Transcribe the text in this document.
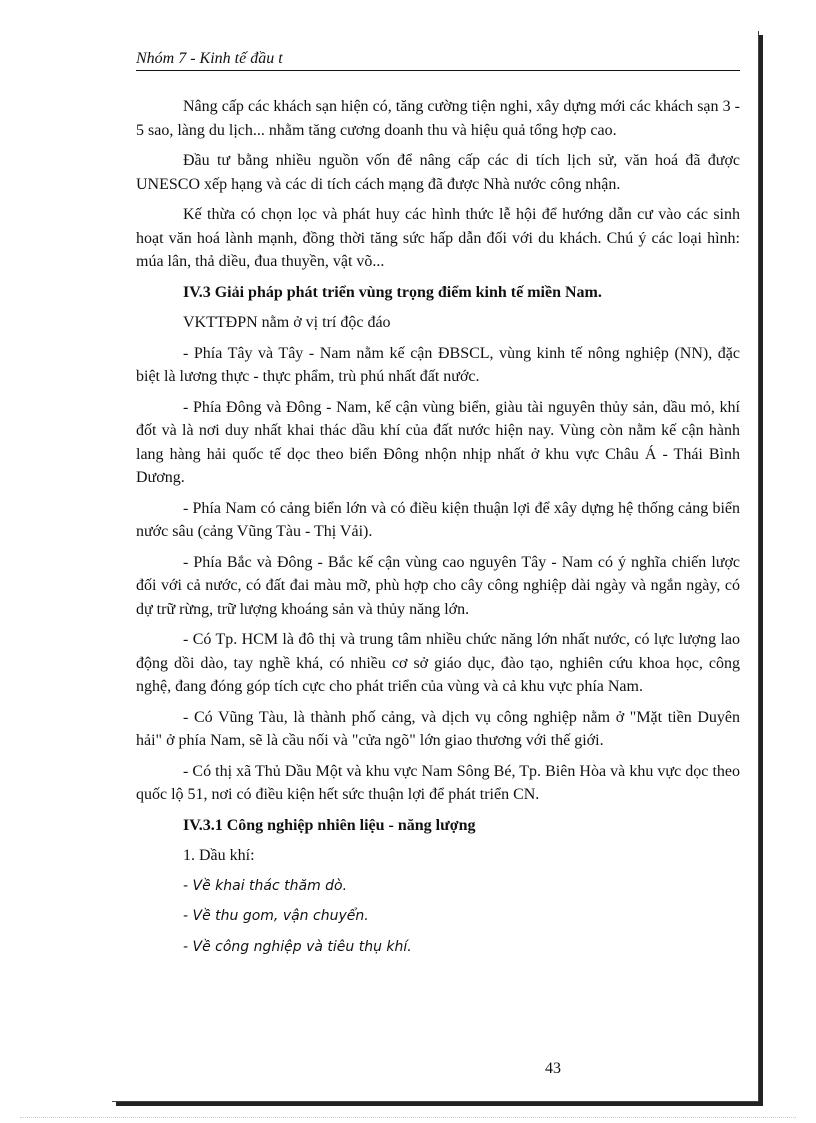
Nhóm 7 - Kinh tế đầu t

Nâng cấp các khách sạn hiện có, tăng cường tiện nghi, xây dựng mới các khách sạn 3 - 5 sao, làng du lịch... nhằm tăng cương doanh thu và hiệu quả tổng hợp cao.

Đầu tư bằng nhiều nguồn vốn để nâng cấp các di tích lịch sử, văn hoá đã được UNESCO xếp hạng và các di tích cách mạng đã được Nhà nước công nhận.

Kế thừa có chọn lọc và phát huy các hình thức lễ hội để hướng dẫn cư vào các sinh hoạt văn hoá lành mạnh, đồng thời tăng sức hấp dẫn đối với du khách. Chú ý các loại hình: múa lân, thả diều, đua thuyền, vật võ...

IV.3 Giải pháp phát triển vùng trọng điểm kinh tế miền Nam.

VKTTĐPN nằm ở vị trí độc đáo

- Phía Tây và Tây - Nam nằm kế cận ĐBSCL, vùng kinh tế nông nghiệp (NN), đặc biệt là lương thực - thực phẩm, trù phú nhất đất nước.

- Phía Đông và Đông - Nam, kế cận vùng biển, giàu tài nguyên thủy sản, dầu mỏ, khí đốt và là nơi duy nhất khai thác dầu khí của đất nước hiện nay. Vùng còn nằm kế cận hành lang hàng hải quốc tế dọc theo biển Đông nhộn nhịp nhất ở khu vực Châu Á - Thái Bình Dương.

- Phía Nam có cảng biển lớn và có điều kiện thuận lợi để xây dựng hệ thống cảng biển nước sâu (cảng Vũng Tàu - Thị Vải).

- Phía Bắc và Đông - Bắc kế cận vùng cao nguyên Tây - Nam có ý nghĩa chiến lược đối với cả nước, có đất đai màu mỡ, phù hợp cho cây công nghiệp dài ngày và ngắn ngày, có dự trữ rừng, trữ lượng khoáng sản và thủy năng lớn.

- Có Tp. HCM là đô thị và trung tâm nhiều chức năng lớn nhất nước, có lực lượng lao động dồi dào, tay nghề khá, có nhiều cơ sở giáo dục, đào tạo, nghiên cứu khoa học, công nghệ, đang đóng góp tích cực cho phát triển của vùng và cả khu vực phía Nam.

- Có Vũng Tàu, là thành phố cảng, và dịch vụ công nghiệp nằm ở "Mặt tiền Duyên hải" ở phía Nam, sẽ là cầu nối và "cửa ngõ" lớn giao thương với thế giới.

- Có thị xã Thủ Dầu Một và khu vực Nam Sông Bé, Tp. Biên Hòa và khu vực dọc theo quốc lộ 51, nơi có điều kiện hết sức thuận lợi để phát triển CN.

IV.3.1 Công nghiệp nhiên liệu - năng lượng

1. Dầu khí:

- Về khai thác thăm dò.

- Về thu gom, vận chuyển.

- Về công nghiệp và tiêu thụ khí.

43
